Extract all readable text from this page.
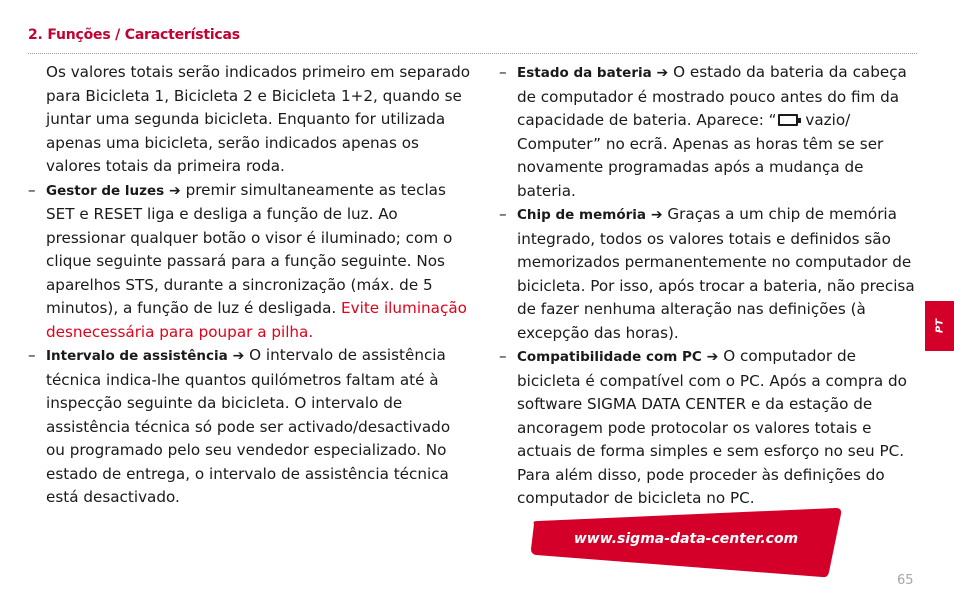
2. Funções / Características

Os valores totais serão indicados primeiro em separado para Bicicleta 1, Bicicleta 2 e Bicicleta 1+2, quando se juntar uma segunda bicicleta. Enquanto for utilizada apenas uma bicicleta, serão indicados apenas os valores totais da primeira roda.

– Gestor de luzes ➔ premir simultaneamente as teclas SET e RESET liga e desliga a função de luz. Ao pressionar qualquer botão o visor é iluminado; com o clique seguinte passará para a função seguinte. Nos aparelhos STS, durante a sincronização (máx. de 5 minutos), a função de luz é desligada. Evite iluminação desnecessária para poupar a pilha.

– Intervalo de assistência ➔ O intervalo de assistência técnica indica-lhe quantos quilómetros faltam até à inspecção seguinte da bicicleta. O intervalo de assistência técnica só pode ser activado/desactivado ou programado pelo seu vendedor especializado. No estado de entrega, o intervalo de assistência técnica está desactivado.

– Estado da bateria ➔ O estado da bateria da cabeça de computador é mostrado pouco antes do fim da capacidade de bateria. Aparece: “ vazio/ Computer” no ecrã. Apenas as horas têm se ser novamente programadas após a mudança de bateria.

– Chip de memória ➔ Graças a um chip de memória integrado, todos os valores totais e definidos são memorizados permanentemente no computador de bicicleta. Por isso, após trocar a bateria, não precisa de fazer nenhuma alteração nas definições (à excepção das horas).

– Compatibilidade com PC ➔ O computador de bicicleta é compatível com o PC. Após a compra do software SIGMA DATA CENTER e da estação de ancoragem pode protocolar os valores totais e actuais de forma simples e sem esforço no seu PC. Para além disso, pode proceder às definições do computador de bicicleta no PC.

www.sigma-data-center.com
PT
65
